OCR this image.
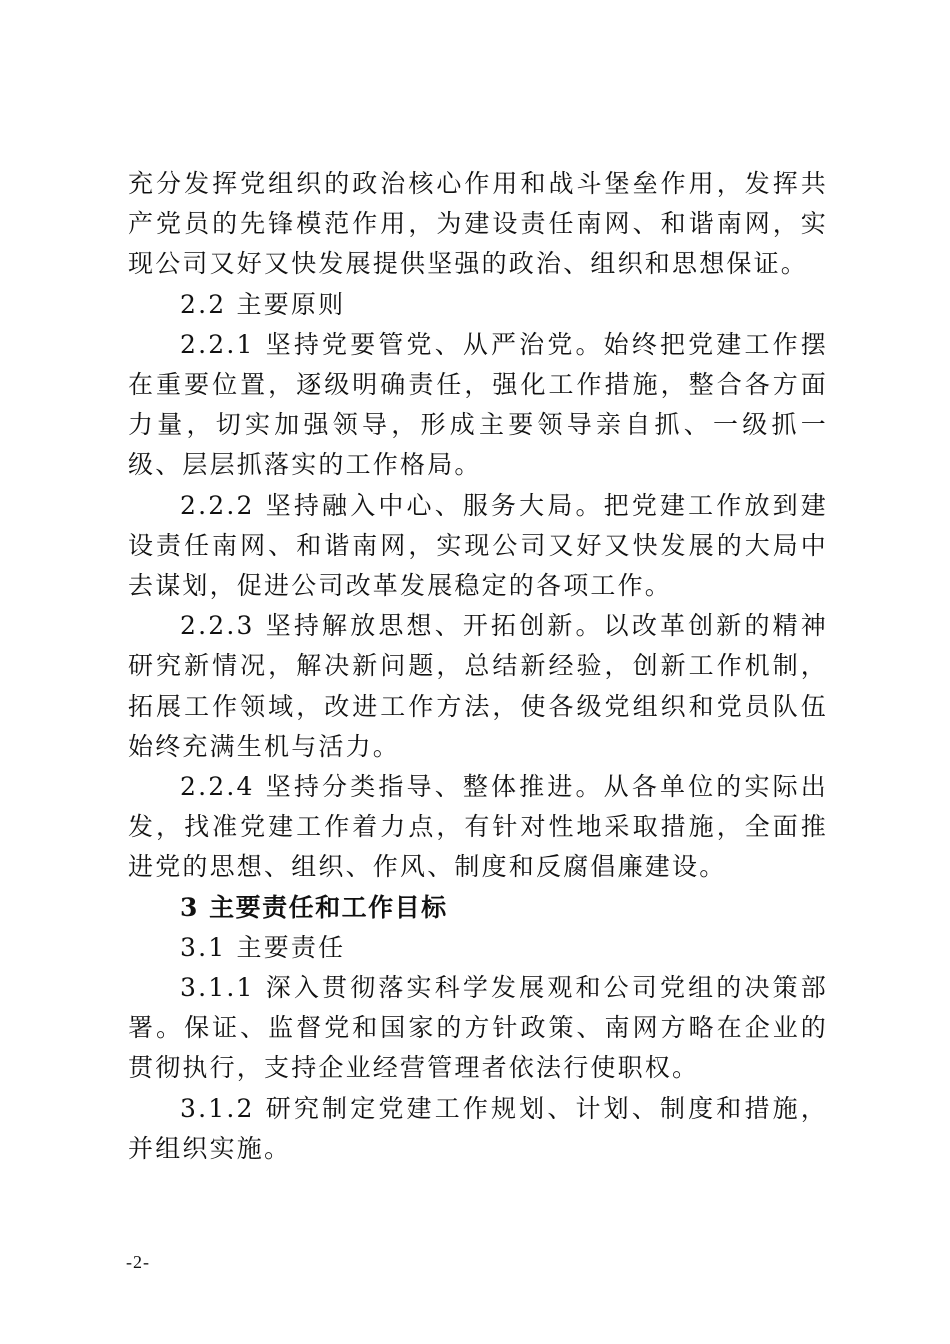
充分发挥党组织的政治核心作用和战斗堡垒作用，发挥共产党员的先锋模范作用，为建设责任南网、和谐南网，实现公司又好又快发展提供坚强的政治、组织和思想保证。

2.2 主要原则

2.2.1 坚持党要管党、从严治党。始终把党建工作摆在重要位置，逐级明确责任，强化工作措施，整合各方面力量，切实加强领导，形成主要领导亲自抓、一级抓一级、层层抓落实的工作格局。

2.2.2 坚持融入中心、服务大局。把党建工作放到建设责任南网、和谐南网，实现公司又好又快发展的大局中去谋划，促进公司改革发展稳定的各项工作。

2.2.3 坚持解放思想、开拓创新。以改革创新的精神研究新情况，解决新问题，总结新经验，创新工作机制，拓展工作领域，改进工作方法，使各级党组织和党员队伍始终充满生机与活力。

2.2.4 坚持分类指导、整体推进。从各单位的实际出发，找准党建工作着力点，有针对性地采取措施，全面推进党的思想、组织、作风、制度和反腐倡廉建设。

3 主要责任和工作目标

3.1 主要责任

3.1.1 深入贯彻落实科学发展观和公司党组的决策部署。保证、监督党和国家的方针政策、南网方略在企业的贯彻执行，支持企业经营管理者依法行使职权。

3.1.2 研究制定党建工作规划、计划、制度和措施，并组织实施。

-2-
